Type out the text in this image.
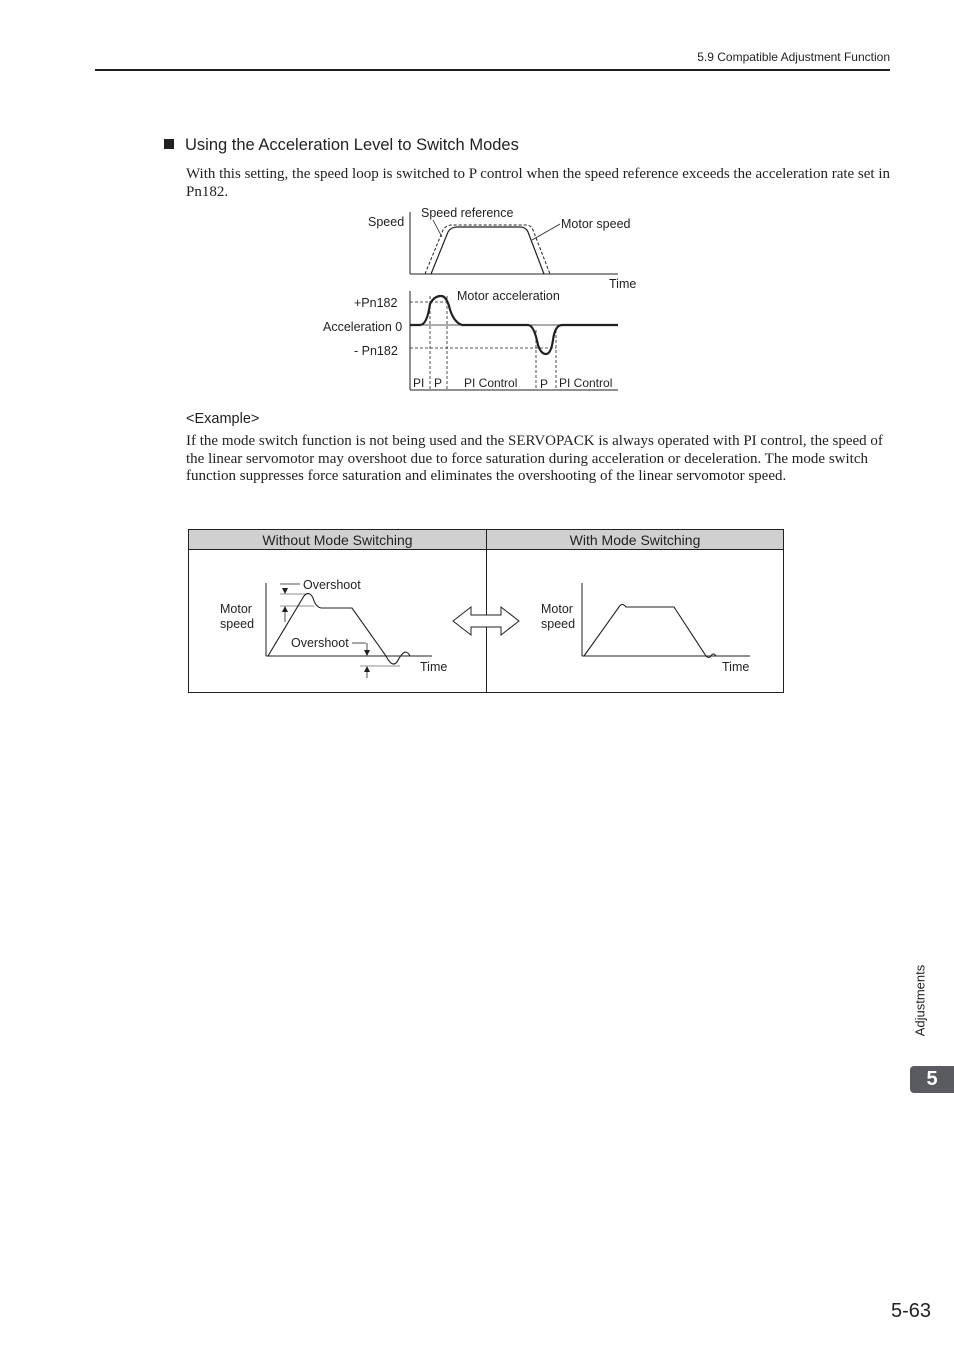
5.9 Compatible Adjustment Function
Using the Acceleration Level to Switch Modes
With this setting, the speed loop is switched to P control when the speed reference exceeds the acceleration rate set in Pn182.
Speed
Speed reference
Motor speed
Time
+Pn182
Acceleration 0
- Pn182
Motor acceleration
PI P PI Control P PI Control
<Example>
If the mode switch function is not being used and the SERVOPACK is always operated with PI control, the speed of the linear servomotor may overshoot due to force saturation during acceleration or deceleration. The mode switch function suppresses force saturation and eliminates the overshooting of the linear servomotor speed.
Without Mode Switching	With Mode Switching
Motor
speed
Overshoot
Overshoot
Time
Motor
speed
Time
Adjustments
5
5-63
